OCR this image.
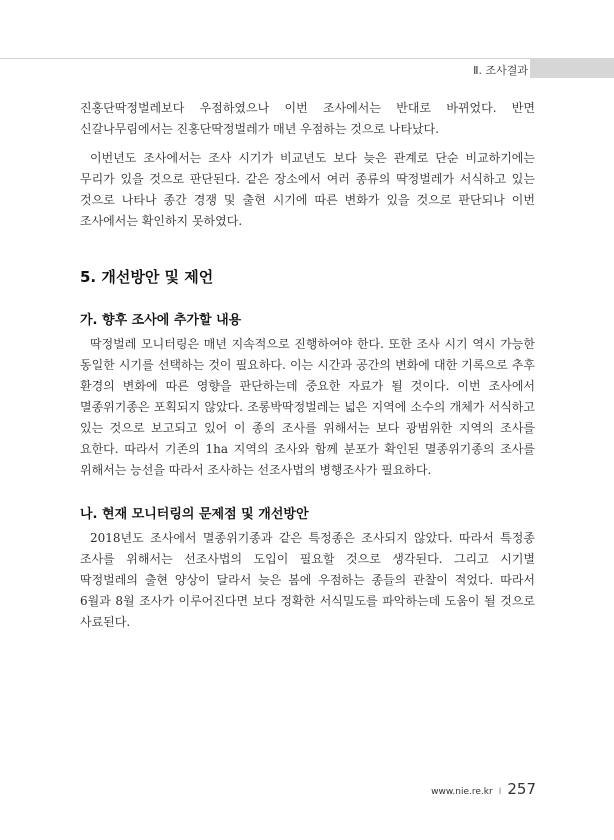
Ⅱ. 조사결과

진홍단딱정벌레보다 우점하였으나 이번 조사에서는 반대로 바뀌었다. 반면 신갈나무림에서는 진홍단딱정벌레가 매년 우점하는 것으로 나타났다.

이번년도 조사에서는 조사 시기가 비교년도 보다 늦은 관계로 단순 비교하기에는 무리가 있을 것으로 판단된다. 같은 장소에서 여러 종류의 딱정벌레가 서식하고 있는 것으로 나타나 종간 경쟁 및 출현 시기에 따른 변화가 있을 것으로 판단되나 이번 조사에서는 확인하지 못하였다.

5. 개선방안 및 제언
가. 향후 조사에 추가할 내용

딱정벌레 모니터링은 매년 지속적으로 진행하여야 한다. 또한 조사 시기 역시 가능한 동일한 시기를 선택하는 것이 필요하다. 이는 시간과 공간의 변화에 대한 기록으로 추후 환경의 변화에 따른 영향을 판단하는데 중요한 자료가 될 것이다. 이번 조사에서 멸종위기종은 포획되지 않았다. 조롱박딱정벌레는 넓은 지역에 소수의 개체가 서식하고 있는 것으로 보고되고 있어 이 종의 조사를 위해서는 보다 광범위한 지역의 조사를 요한다. 따라서 기존의 1ha 지역의 조사와 함께 분포가 확인된 멸종위기종의 조사를 위해서는 능선을 따라서 조사하는 선조사법의 병행조사가 필요하다.

나. 현재 모니터링의 문제점 및 개선방안

2018년도 조사에서 멸종위기종과 같은 특정종은 조사되지 않았다. 따라서 특정종 조사를 위해서는 선조사법의 도입이 필요할 것으로 생각된다. 그리고 시기별 딱정벌레의 출현 양상이 달라서 늦은 봄에 우점하는 종들의 관찰이 적었다. 따라서 6월과 8월 조사가 이루어진다면 보다 정확한 서식밀도를 파악하는데 도움이 될 것으로 사료된다.

www.nie.re.kr I 257
